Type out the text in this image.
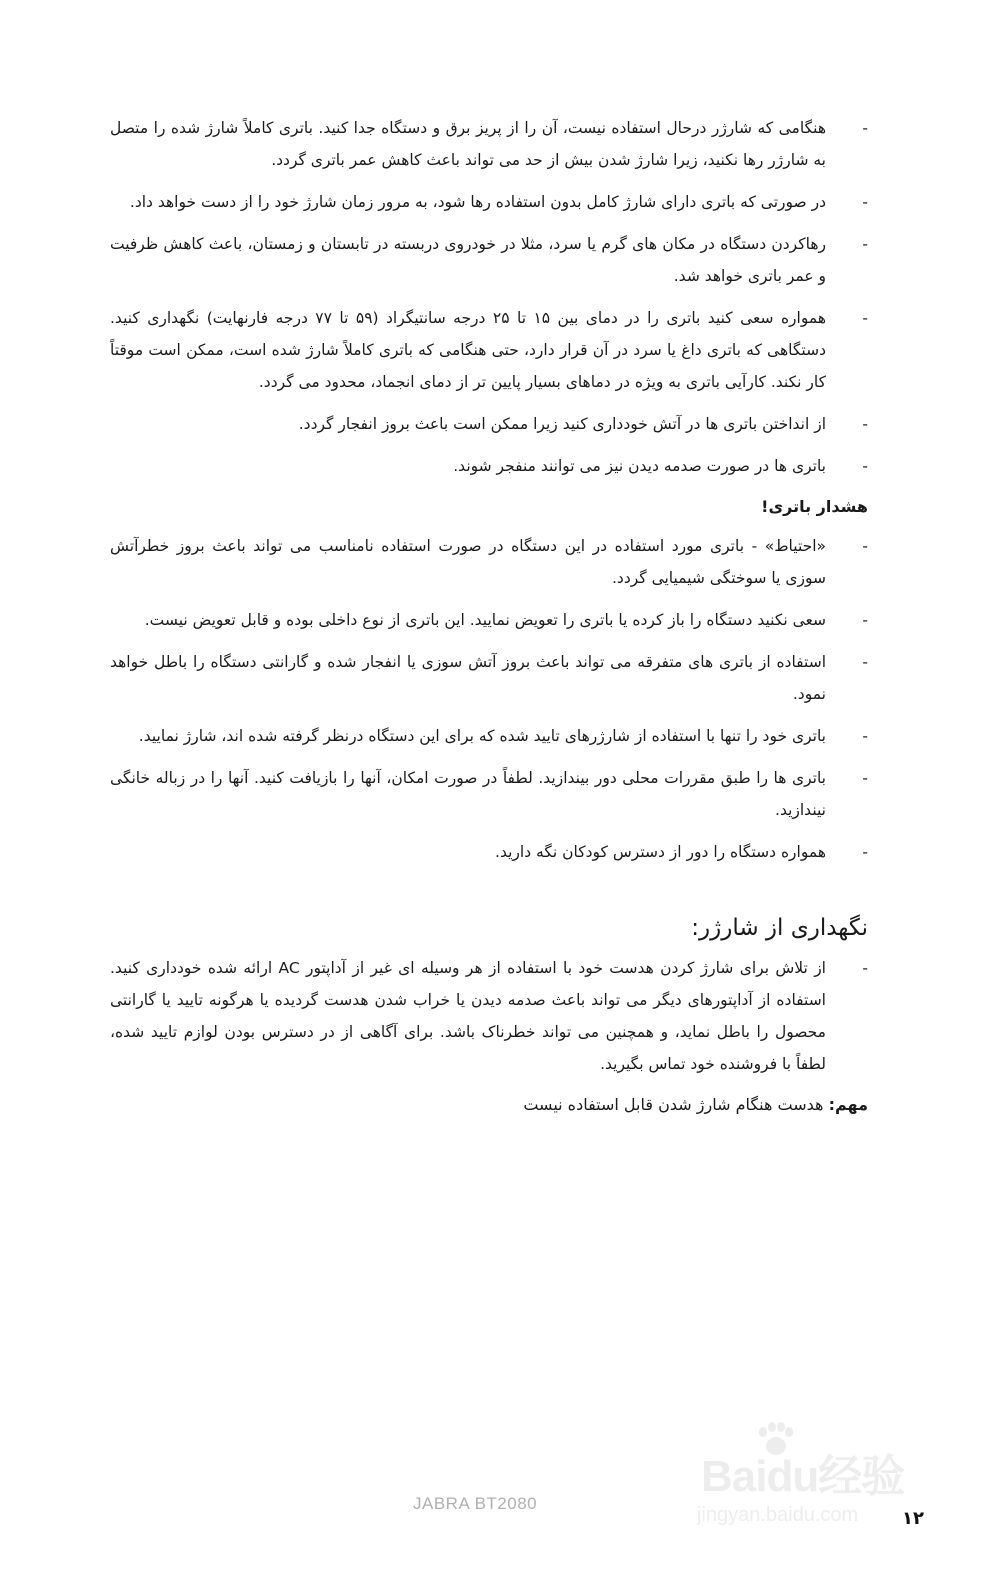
-
هنگامی که شارژر درحال استفاده نیست، آن را از پریز برق و دستگاه جدا کنید. باتری کاملاً شارژ شده را متصل به شارژر رها نکنید، زیرا شارژ شدن بیش از حد می تواند باعث کاهش عمر باتری گردد.
-
در صورتی که باتری دارای شارژ کامل بدون استفاده رها شود، به مرور زمان شارژ خود را از دست خواهد داد.
-
رهاکردن دستگاه در مکان های گرم یا سرد، مثلا در خودروی دربسته در تابستان و زمستان، باعث کاهش ظرفیت و عمر باتری خواهد شد.
-
همواره سعی کنید باتری را در دمای بین ۱۵ تا ۲۵ درجه سانتیگراد (۵۹ تا ۷۷ درجه فارنهایت) نگهداری کنید. دستگاهی که باتری داغ یا سرد در آن قرار دارد، حتی هنگامی که باتری کاملاً شارژ شده است، ممکن است موقتاً کار نکند. کارآیی باتری به ویژه در دماهای بسیار پایین تر از دمای انجماد، محدود می گردد.
-
از انداختن باتری ها در آتش خودداری کنید زیرا ممکن است باعث بروز انفجار گردد.
-
باتری ها در صورت صدمه دیدن نیز می توانند منفجر شوند.
هشدار باتری!
-
«احتیاط» - باتری مورد استفاده در این دستگاه در صورت استفاده نامناسب می تواند باعث بروز خطرآتش سوزی یا سوختگی شیمیایی گردد.
-
سعی نکنید دستگاه را باز کرده یا باتری را تعویض نمایید. این باتری از نوع داخلی بوده و قابل تعویض نیست.
-
استفاده از باتری های متفرقه می تواند باعث بروز آتش سوزی یا انفجار شده و گارانتی دستگاه را باطل خواهد نمود.
-
باتری خود را تنها با استفاده از شارژرهای تایید شده که برای این دستگاه درنظر گرفته شده اند، شارژ نمایید.
-
باتری ها را طبق مقررات محلی دور بیندازید. لطفاً در صورت امکان، آنها را بازیافت کنید. آنها را در زباله خانگی نیندازید.
-
همواره دستگاه را دور از دسترس کودکان نگه دارید.
نگهداری از شارژر:
-
از تلاش برای شارژ کردن هدست خود با استفاده از هر وسیله ای غیر از آداپتور AC ارائه شده خودداری کنید. استفاده از آداپتورهای دیگر می تواند باعث صدمه دیدن یا خراب شدن هدست گردیده یا هرگونه تایید یا گارانتی محصول را باطل نماید، و همچنین می تواند خطرناک باشد. برای آگاهی از در دسترس بودن لوازم تایید شده، لطفاً با فروشنده خود تماس بگیرید.
مهم: هدست هنگام شارژ شدن قابل استفاده نیست
Baidu经验
jingyan.baidu.com
JABRA BT2080
۱۲
